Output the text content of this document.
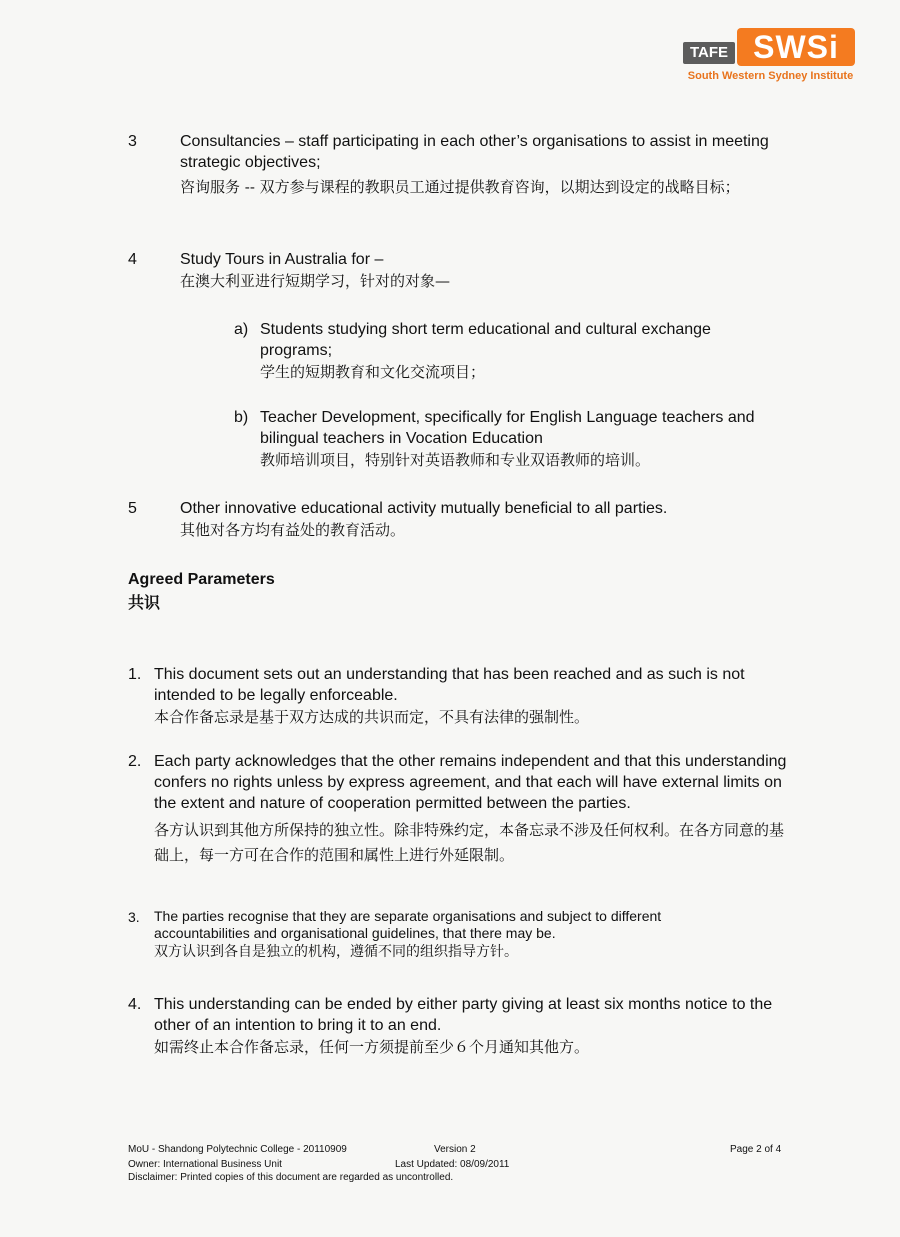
TAFE SWSi
South Western Sydney Institute
3	Consultancies – staff participating in each other’s organisations to assist in meeting strategic objectives;
咨询服务 -- 双方参与课程的教职员工通过提供教育咨询，以期达到设定的战略目标；
4	Study Tours in Australia for –
在澳大利亚进行短期学习，针对的对象—
a) Students studying short term educational and cultural exchange programs;
学生的短期教育和文化交流项目；
b) Teacher Development, specifically for English Language teachers and bilingual teachers in Vocation Education
教师培训项目，特别针对英语教师和专业双语教师的培训。
5	Other innovative educational activity mutually beneficial to all parties.
其他对各方均有益处的教育活动。
Agreed Parameters
共识
1. This document sets out an understanding that has been reached and as such is not intended to be legally enforceable.
本合作备忘录是基于双方达成的共识而定，不具有法律的强制性。
2. Each party acknowledges that the other remains independent and that this understanding confers no rights unless by express agreement, and that each will have external limits on the extent and nature of cooperation permitted between the parties.
各方认识到其他方所保持的独立性。除非特殊约定，本备忘录不涉及任何权利。在各方同意的基础上，每一方可在合作的范围和属性上进行外延限制。
3. The parties recognise that they are separate organisations and subject to different accountabilities and organisational guidelines, that there may be.
双方认识到各自是独立的机构，遵循不同的组织指导方针。
4. This understanding can be ended by either party giving at least six months notice to the other of an intention to bring it to an end.
如需终止本合作备忘录，任何一方须提前至少６个月通知其他方。
MoU - Shandong Polytechnic College - 20110909	Version 2	Page 2 of 4
Owner: International Business Unit	Last Updated: 08/09/2011
Disclaimer: Printed copies of this document are regarded as uncontrolled.
